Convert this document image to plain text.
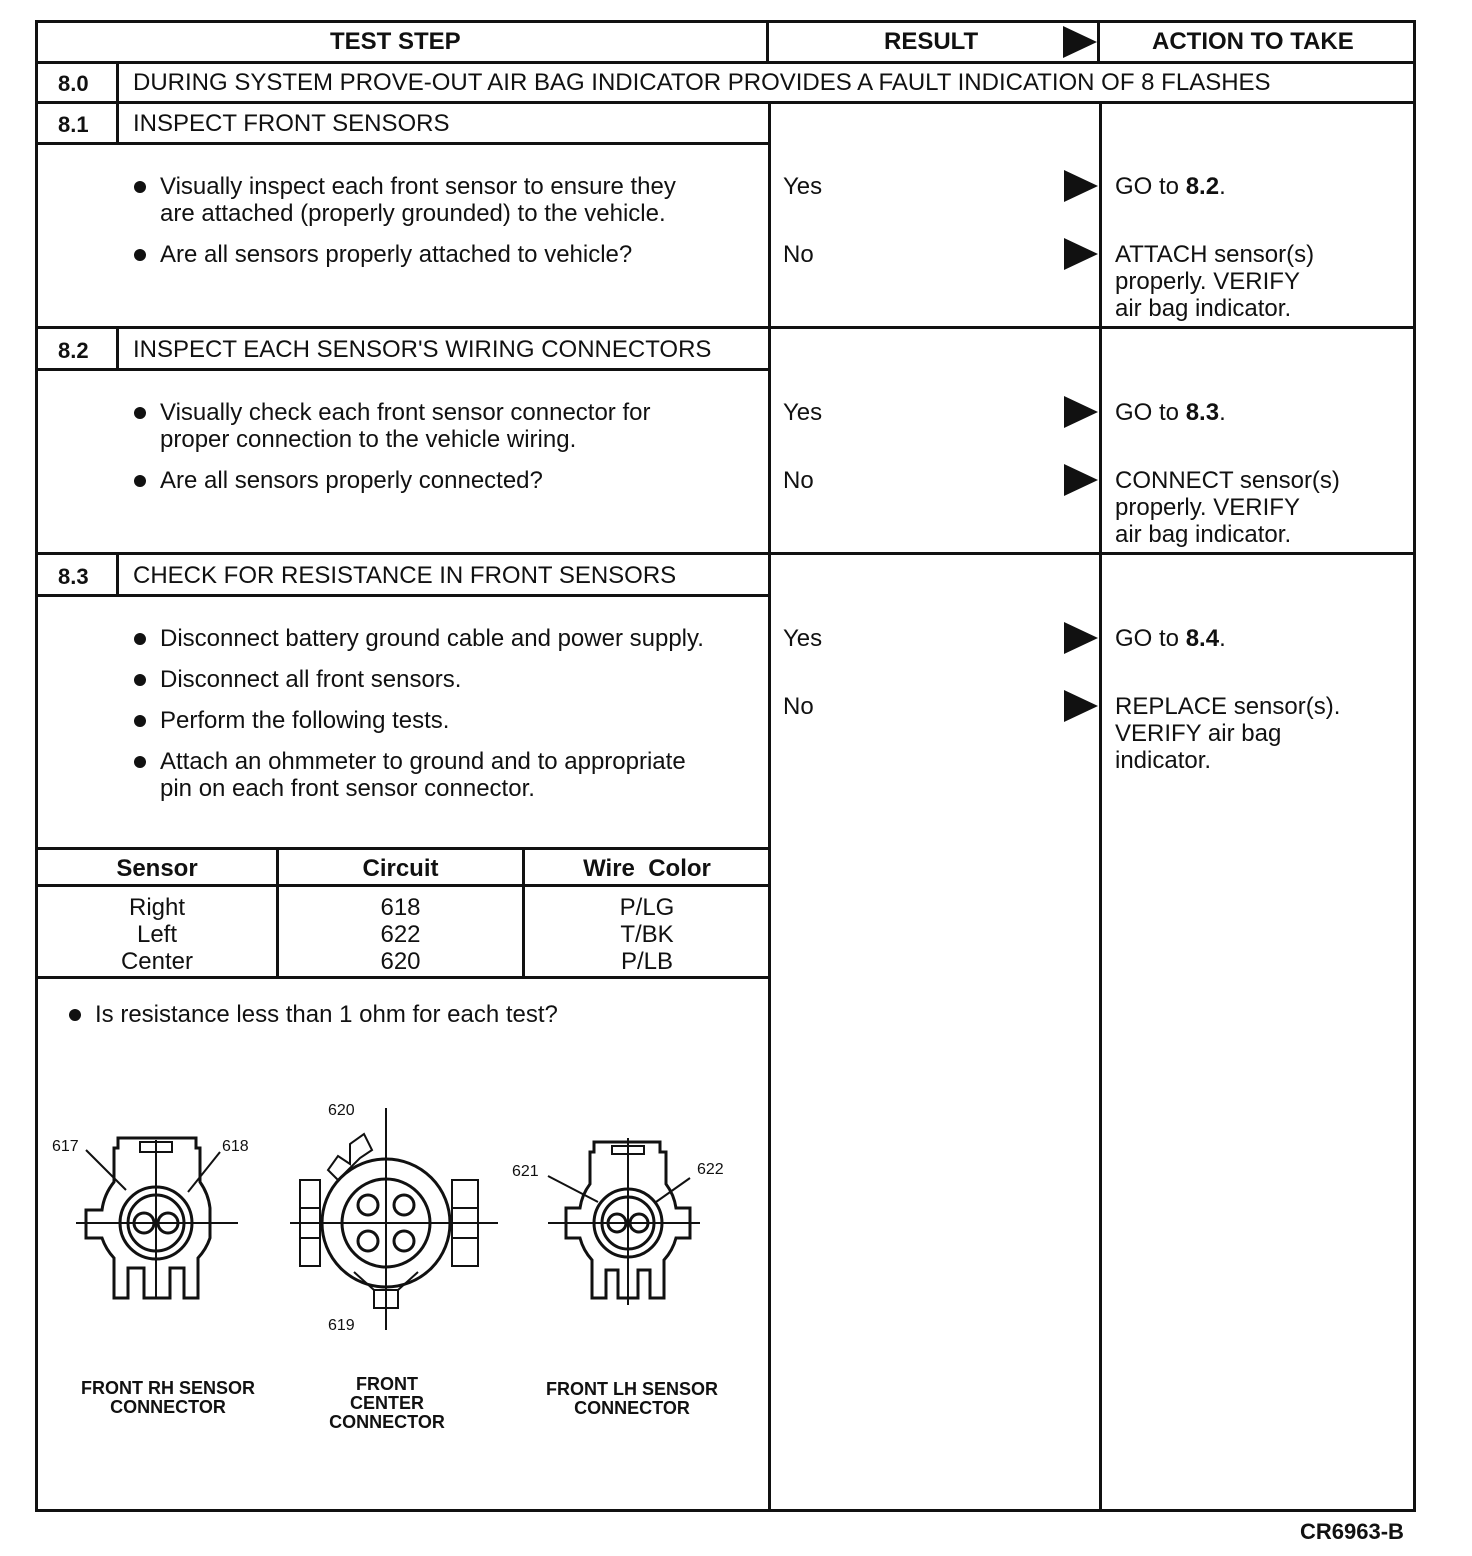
TEST STEP	RESULT	ACTION TO TAKE
8.0 DURING SYSTEM PROVE-OUT AIR BAG INDICATOR PROVIDES A FAULT INDICATION OF 8 FLASHES
8.1 INSPECT FRONT SENSORS
Visually inspect each front sensor to ensure they
are attached (properly grounded) to the vehicle.
Are all sensors properly attached to vehicle?
Yes	GO to 8.2.
No	ATTACH sensor(s)
properly. VERIFY
air bag indicator.
8.2 INSPECT EACH SENSOR'S WIRING CONNECTORS
Visually check each front sensor connector for
proper connection to the vehicle wiring.
Are all sensors properly connected?
Yes	GO to 8.3.
No	CONNECT sensor(s)
properly. VERIFY
air bag indicator.
8.3 CHECK FOR RESISTANCE IN FRONT SENSORS
Disconnect battery ground cable and power supply.
Disconnect all front sensors.
Perform the following tests.
Attach an ohmmeter to ground and to appropriate
pin on each front sensor connector.
Yes	GO to 8.4.
No	REPLACE sensor(s).
VERIFY air bag
indicator.
Sensor	Circuit	Wire  Color
Right	618	P/LG
Left	622	T/BK
Center	620	P/LB
Is resistance less than 1 ohm for each test?
617	618
620
619
621	622
FRONT RH SENSOR
CONNECTOR
FRONT
CENTER
CONNECTOR
FRONT LH SENSOR
CONNECTOR
CR6963-B
